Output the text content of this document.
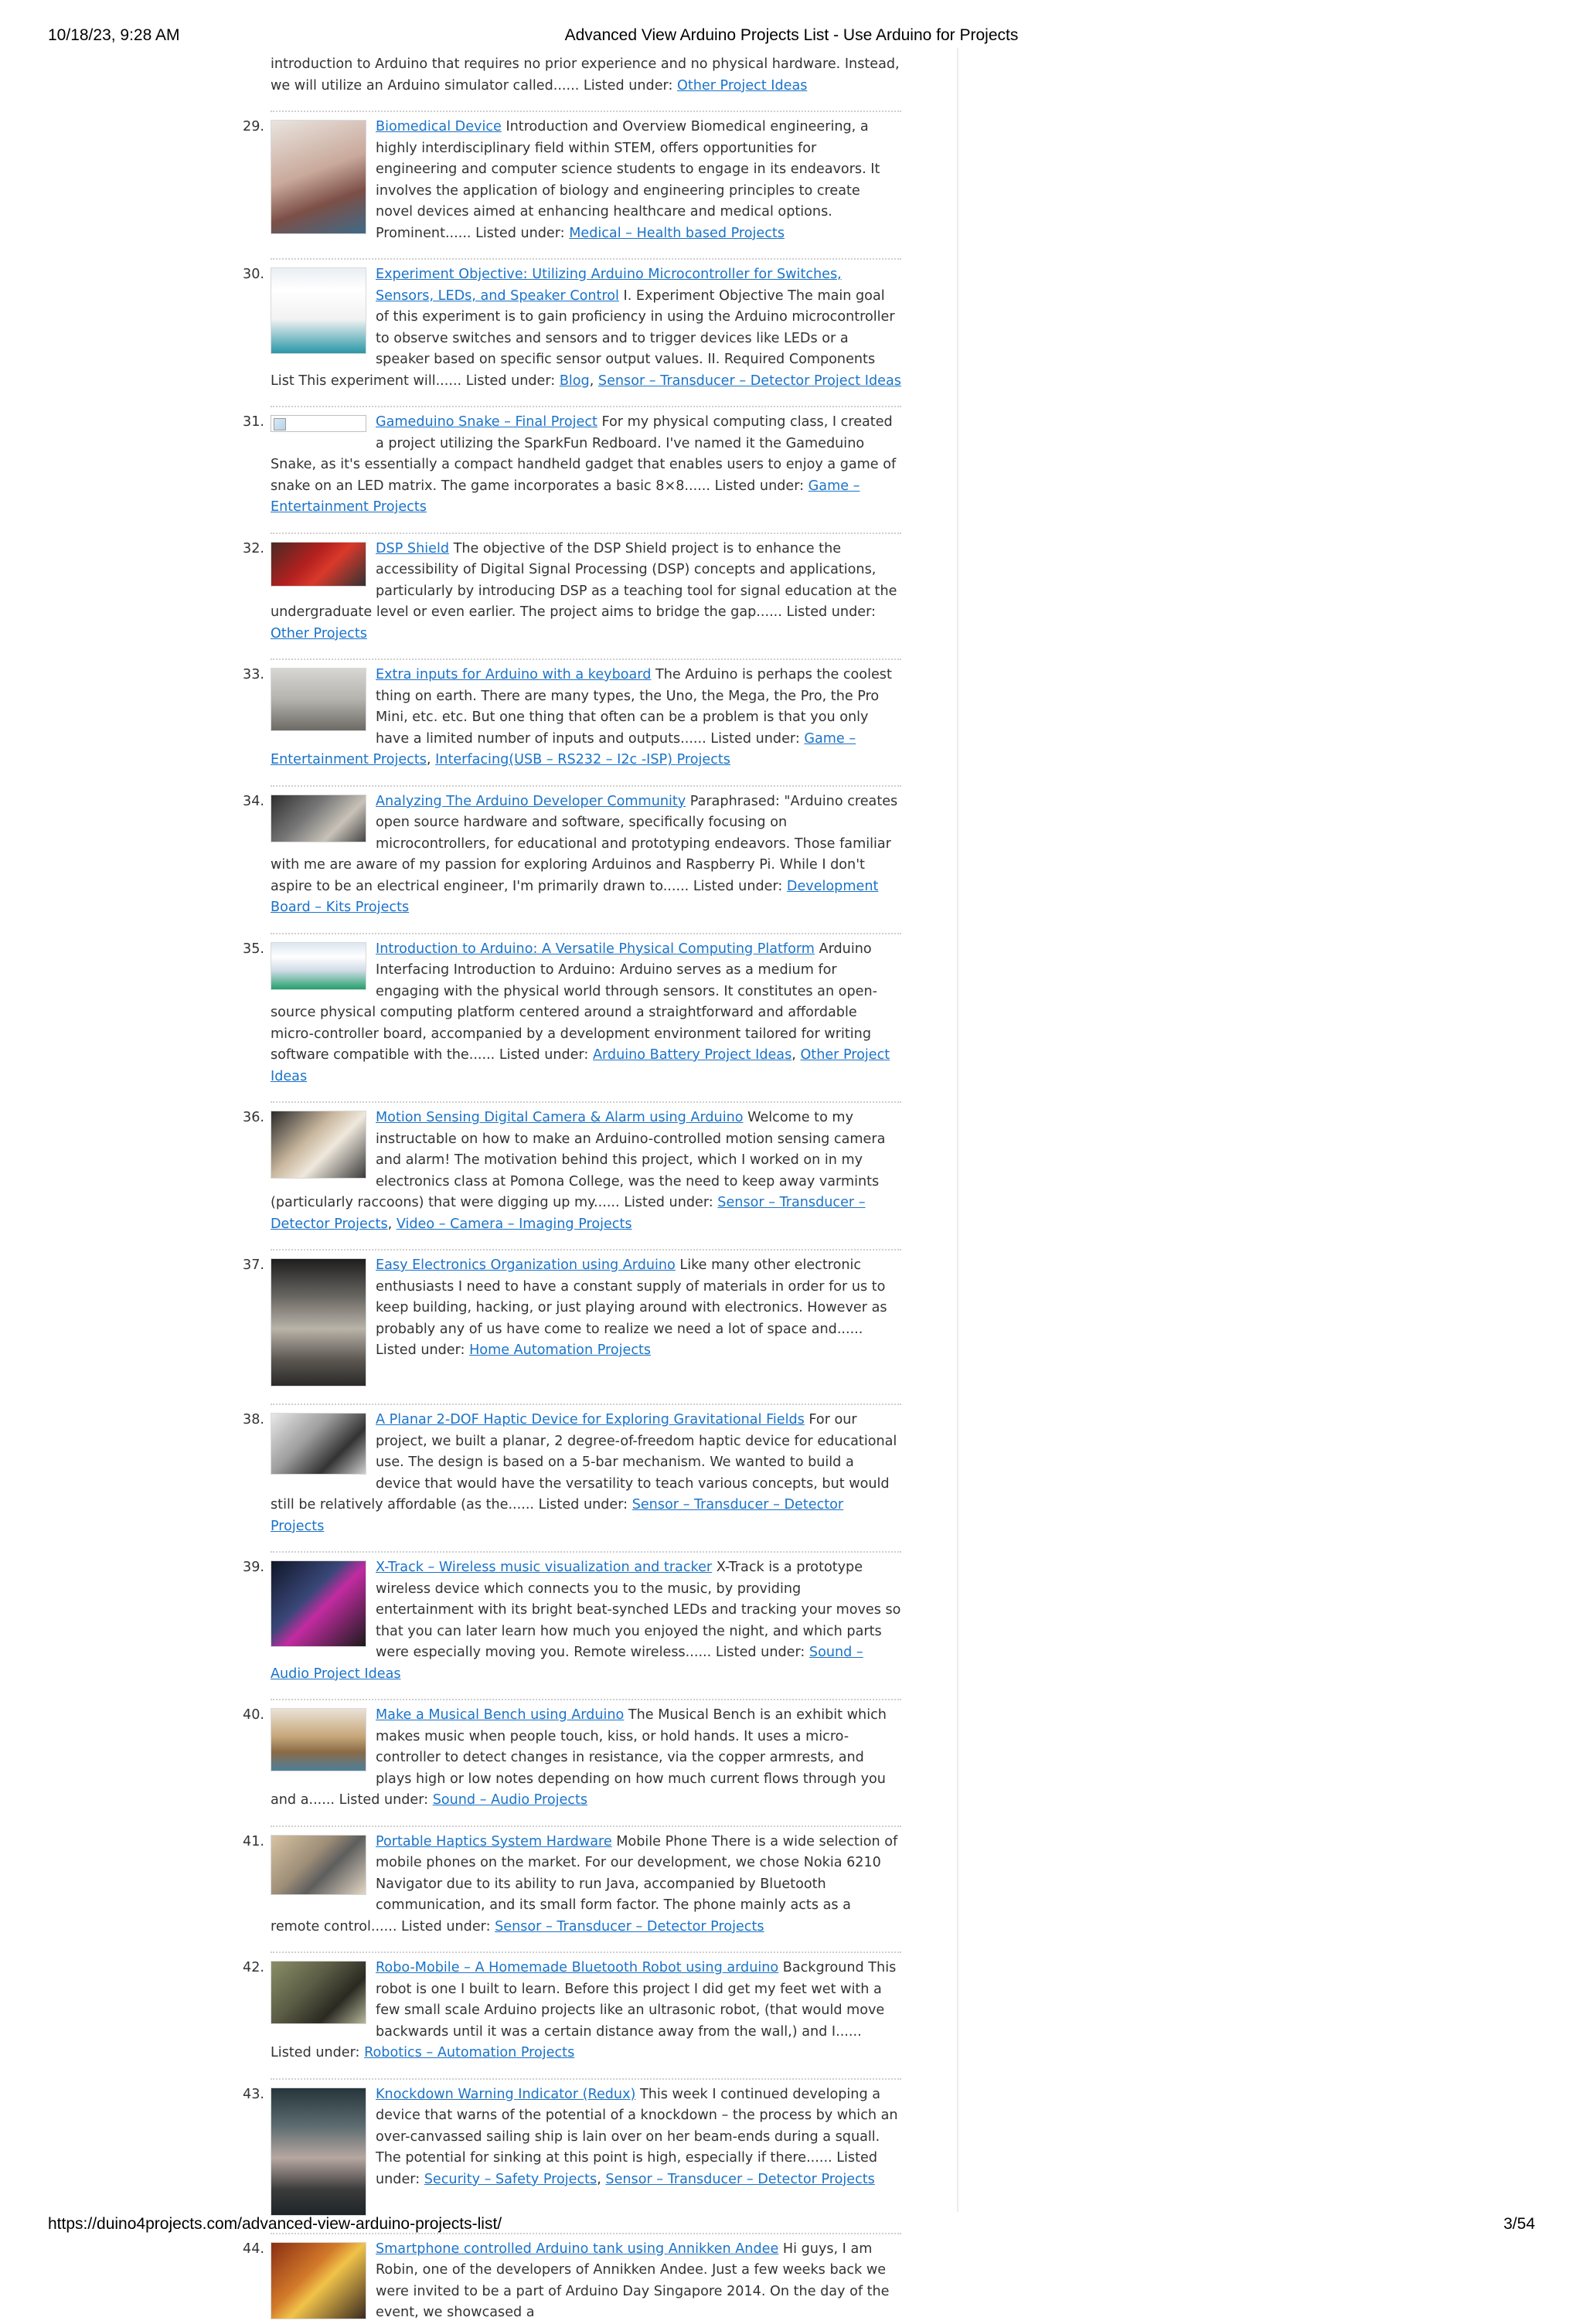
10/18/23, 9:28 AM	Advanced View Arduino Projects List - Use Arduino for Projects

introduction to Arduino that requires no prior experience and no physical hardware. Instead, we will utilize an Arduino simulator called...... Listed under: Other Project Ideas

29.	Biomedical Device Introduction and Overview Biomedical engineering, a highly interdisciplinary field within STEM, offers opportunities for engineering and computer science students to engage in its endeavors. It involves the application of biology and engineering principles to create novel devices aimed at enhancing healthcare and medical options. Prominent...... Listed under: Medical – Health based Projects
30.	Experiment Objective: Utilizing Arduino Microcontroller for Switches, Sensors, LEDs, and Speaker Control I. Experiment Objective The main goal of this experiment is to gain proficiency in using the Arduino microcontroller to observe switches and sensors and to trigger devices like LEDs or a speaker based on specific sensor output values. II. Required Components List This experiment will...... Listed under: Blog, Sensor – Transducer – Detector Project Ideas
31.	Gameduino Snake – Final Project For my physical computing class, I created a project utilizing the SparkFun Redboard. I've named it the Gameduino Snake, as it's essentially a compact handheld gadget that enables users to enjoy a game of snake on an LED matrix. The game incorporates a basic 8×8...... Listed under: Game – Entertainment Projects
32.	DSP Shield The objective of the DSP Shield project is to enhance the accessibility of Digital Signal Processing (DSP) concepts and applications, particularly by introducing DSP as a teaching tool for signal education at the undergraduate level or even earlier. The project aims to bridge the gap...... Listed under: Other Projects
33.	Extra inputs for Arduino with a keyboard The Arduino is perhaps the coolest thing on earth. There are many types, the Uno, the Mega, the Pro, the Pro Mini, etc. etc. But one thing that often can be a problem is that you only have a limited number of inputs and outputs...... Listed under: Game – Entertainment Projects, Interfacing(USB – RS232 – I2c -ISP) Projects
34.	Analyzing The Arduino Developer Community Paraphrased: "Arduino creates open source hardware and software, specifically focusing on microcontrollers, for educational and prototyping endeavors. Those familiar with me are aware of my passion for exploring Arduinos and Raspberry Pi. While I don't aspire to be an electrical engineer, I'm primarily drawn to...... Listed under: Development Board – Kits Projects
35.	Introduction to Arduino: A Versatile Physical Computing Platform Arduino Interfacing Introduction to Arduino: Arduino serves as a medium for engaging with the physical world through sensors. It constitutes an open-source physical computing platform centered around a straightforward and affordable micro-controller board, accompanied by a development environment tailored for writing software compatible with the...... Listed under: Arduino Battery Project Ideas, Other Project Ideas
36.	Motion Sensing Digital Camera & Alarm using Arduino Welcome to my instructable on how to make an Arduino-controlled motion sensing camera and alarm! The motivation behind this project, which I worked on in my electronics class at Pomona College, was the need to keep away varmints (particularly raccoons) that were digging up my...... Listed under: Sensor – Transducer – Detector Projects, Video – Camera – Imaging Projects
37.	Easy Electronics Organization using Arduino Like many other electronic enthusiasts I need to have a constant supply of materials in order for us to keep building, hacking, or just playing around with electronics. However as probably any of us have come to realize we need a lot of space and...... Listed under: Home Automation Projects
38.	A Planar 2-DOF Haptic Device for Exploring Gravitational Fields For our project, we built a planar, 2 degree-of-freedom haptic device for educational use. The design is based on a 5-bar mechanism. We wanted to build a device that would have the versatility to teach various concepts, but would still be relatively affordable (as the...... Listed under: Sensor – Transducer – Detector Projects
39.	X-Track – Wireless music visualization and tracker X-Track is a prototype wireless device which connects you to the music, by providing entertainment with its bright beat-synched LEDs and tracking your moves so that you can later learn how much you enjoyed the night, and which parts were especially moving you. Remote wireless...... Listed under: Sound – Audio Project Ideas
40.	Make a Musical Bench using Arduino The Musical Bench is an exhibit which makes music when people touch, kiss, or hold hands. It uses a micro-controller to detect changes in resistance, via the copper armrests, and plays high or low notes depending on how much current flows through you and a...... Listed under: Sound – Audio Projects
41.	Portable Haptics System Hardware Mobile Phone There is a wide selection of mobile phones on the market. For our development, we chose Nokia 6210 Navigator due to its ability to run Java, accompanied by Bluetooth communication, and its small form factor. The phone mainly acts as a remote control...... Listed under: Sensor – Transducer – Detector Projects
42.	Robo-Mobile – A Homemade Bluetooth Robot using arduino Background This robot is one I built to learn. Before this project I did get my feet wet with a few small scale Arduino projects like an ultrasonic robot, (that would move backwards until it was a certain distance away from the wall,) and I...... Listed under: Robotics – Automation Projects
43.	Knockdown Warning Indicator (Redux) This week I continued developing a device that warns of the potential of a knockdown – the process by which an over-canvassed sailing ship is lain over on her beam-ends during a squall. The potential for sinking at this point is high, especially if there...... Listed under: Security – Safety Projects, Sensor – Transducer – Detector Projects
44.	Smartphone controlled Arduino tank using Annikken Andee Hi guys, I am Robin, one of the developers of Annikken Andee. Just a few weeks back we were invited to be a part of Arduino Day Singapore 2014. On the day of the event, we showcased a
https://duino4projects.com/advanced-view-arduino-projects-list/	3/54
